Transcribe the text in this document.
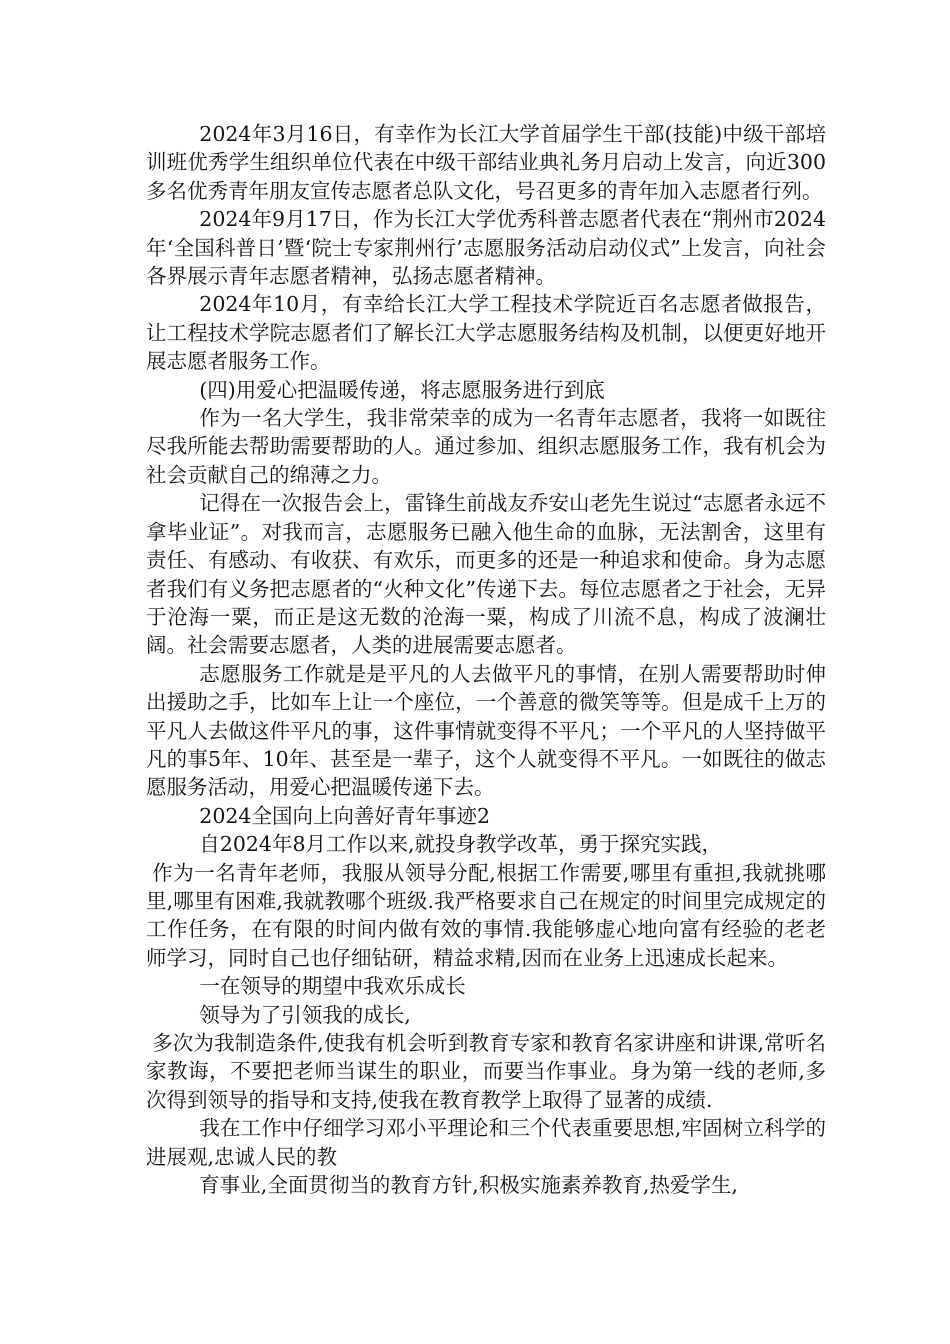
2024年3月16日，有幸作为长江大学首届学生干部(技能)中级干部培训班优秀学生组织单位代表在中级干部结业典礼务月启动上发言，向近300多名优秀青年朋友宣传志愿者总队文化，号召更多的青年加入志愿者行列。

2024年9月17日，作为长江大学优秀科普志愿者代表在“荆州市2024年‘全国科普日’暨‘院士专家荆州行’志愿服务活动启动仪式”上发言，向社会各界展示青年志愿者精神，弘扬志愿者精神。

2024年10月，有幸给长江大学工程技术学院近百名志愿者做报告，让工程技术学院志愿者们了解长江大学志愿服务结构及机制，以便更好地开展志愿者服务工作。

(四)用爱心把温暖传递，将志愿服务进行到底

作为一名大学生，我非常荣幸的成为一名青年志愿者，我将一如既往尽我所能去帮助需要帮助的人。通过参加、组织志愿服务工作，我有机会为社会贡献自己的绵薄之力。

记得在一次报告会上，雷锋生前战友乔安山老先生说过“志愿者永远不拿毕业证”。对我而言，志愿服务已融入他生命的血脉，无法割舍，这里有责任、有感动、有收获、有欢乐，而更多的还是一种追求和使命。身为志愿者我们有义务把志愿者的“火种文化”传递下去。每位志愿者之于社会，无异于沧海一粟，而正是这无数的沧海一粟，构成了川流不息，构成了波澜壮阔。社会需要志愿者，人类的进展需要志愿者。

志愿服务工作就是是平凡的人去做平凡的事情，在别人需要帮助时伸出援助之手，比如车上让一个座位，一个善意的微笑等等。但是成千上万的平凡人去做这件平凡的事，这件事情就变得不平凡；一个平凡的人坚持做平凡的事5年、10年、甚至是一辈子，这个人就变得不平凡。一如既往的做志愿服务活动，用爱心把温暖传递下去。

2024全国向上向善好青年事迹2

自2024年8月工作以来,就投身教学改革，勇于探究实践，

作为一名青年老师，我服从领导分配,根据工作需要,哪里有重担,我就挑哪里,哪里有困难,我就教哪个班级.我严格要求自己在规定的时间里完成规定的工作任务，在有限的时间内做有效的事情.我能够虚心地向富有经验的老老师学习，同时自己也仔细钻研，精益求精,因而在业务上迅速成长起来。

一在领导的期望中我欢乐成长

领导为了引领我的成长,

多次为我制造条件,使我有机会听到教育专家和教育名家讲座和讲课,常听名家教诲，不要把老师当谋生的职业，而要当作事业。身为第一线的老师,多次得到领导的指导和支持,使我在教育教学上取得了显著的成绩.

我在工作中仔细学习邓小平理论和三个代表重要思想,牢固树立科学的进展观,忠诚人民的教

育事业,全面贯彻当的教育方针,积极实施素养教育,热爱学生,
